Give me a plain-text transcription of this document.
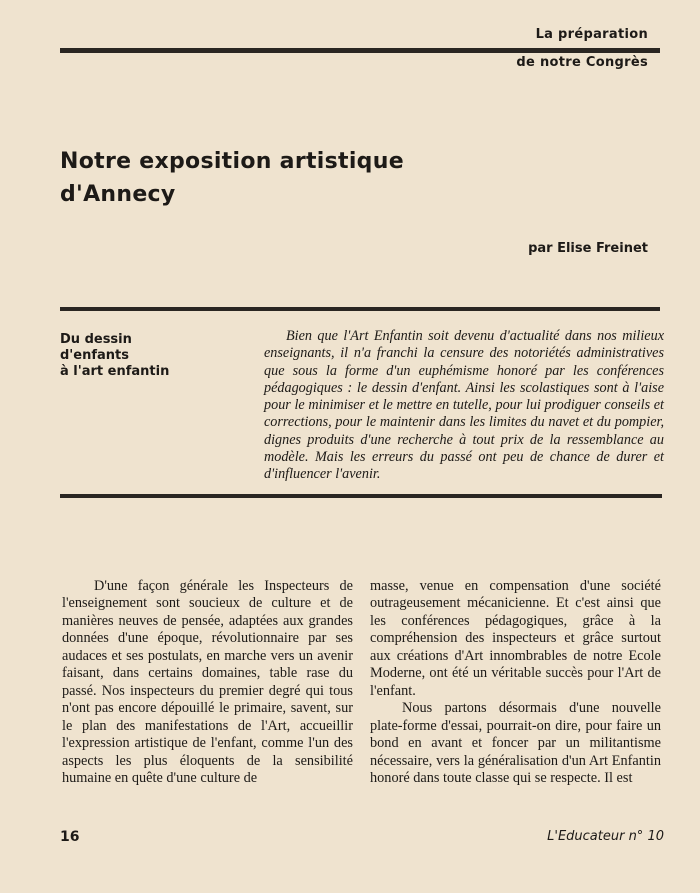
La préparation
de notre Congrès
Notre exposition artistique
d'Annecy
par Elise Freinet
Du dessin
d'enfants
à l'art enfantin

Bien que l'Art Enfantin soit devenu d'actualité dans nos milieux enseignants, il n'a franchi la censure des notoriétés administratives que sous la forme d'un euphémisme honoré par les conférences pédagogiques : le dessin d'enfant. Ainsi les scolastiques sont à l'aise pour le minimiser et le mettre en tutelle, pour lui prodiguer conseils et corrections, pour le maintenir dans les limites du navet et du pompier, dignes produits d'une recherche à tout prix de la ressemblance au modèle. Mais les erreurs du passé ont peu de chance de durer et d'influencer l'avenir.

D'une façon générale les Inspecteurs de l'enseignement sont soucieux de culture et de manières neuves de pensée, adaptées aux grandes données d'une époque, révolutionnaire par ses audaces et ses postulats, en marche vers un avenir faisant, dans certains domaines, table rase du passé. Nos inspecteurs du premier degré qui tous n'ont pas encore dépouillé le primaire, savent, sur le plan des manifestations de l'Art, accueillir l'expression artistique de l'enfant, comme l'un des aspects les plus éloquents de la sensibilité humaine en quête d'une culture de

masse, venue en compensation d'une société outrageusement mécanicienne. Et c'est ainsi que les conférences pédagogiques, grâce à la compréhension des inspecteurs et grâce surtout aux créations d'Art innombrables de notre Ecole Moderne, ont été un véritable succès pour l'Art de l'enfant.

Nous partons désormais d'une nouvelle plate-forme d'essai, pourrait-on dire, pour faire un bond en avant et foncer par un militantisme nécessaire, vers la généralisation d'un Art Enfantin honoré dans toute classe qui se respecte. Il est

16	L'Educateur n° 10
